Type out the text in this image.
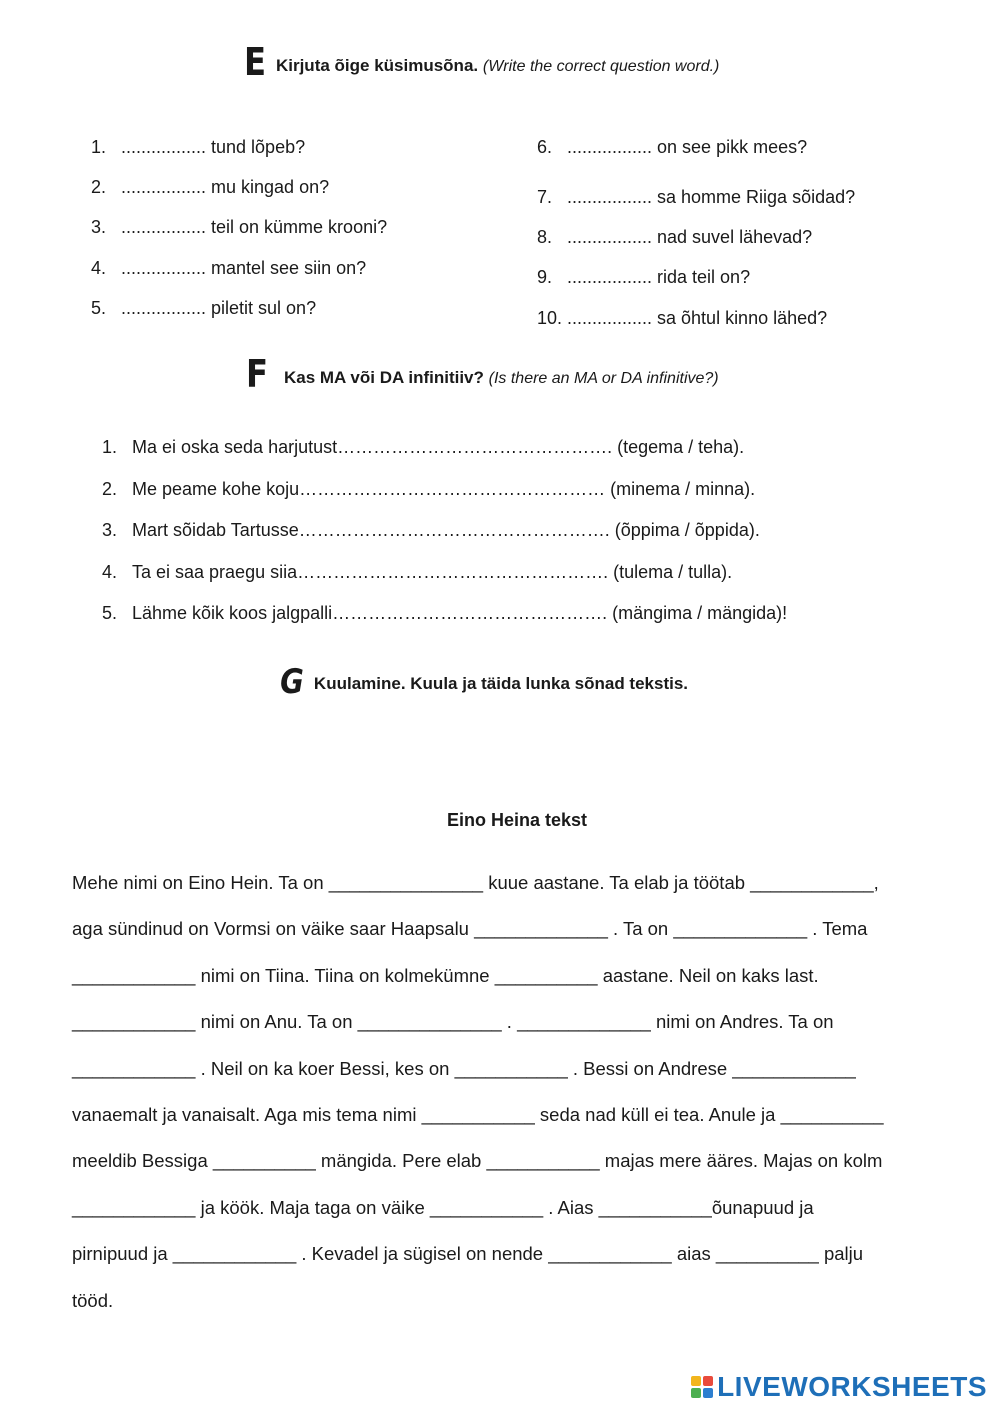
E Kirjuta õige küsimusõna. (Write the correct question word.)
1. ................. tund lõpeb?
2. ................. mu kingad on?
3. ................. teil on kümme krooni?
4. ................. mantel see siin on?
5. ................. piletit sul on?
6. ................. on see pikk mees?
7. ................. sa homme Riiga sõidad?
8. ................. nad suvel lähevad?
9. ................. rida teil on?
10. ................. sa õhtul kinno lähed?
F Kas MA või DA infinitiiv? (Is there an MA or DA infinitive?)
1. Ma ei oska seda harjutust………………………………………. (tegema / teha).
2. Me peame kohe koju…………………………………………… (minema / minna).
3. Mart sõidab Tartusse……………………………………………. (õppima / õppida).
4. Ta ei saa praegu siia……………………………………………. (tulema / tulla).
5. Lähme kõik koos jalgpalli………………………………………. (mängima / mängida)!
G Kuulamine. Kuula ja täida lunka sõnad tekstis.
Eino Heina tekst
Mehe nimi on Eino Hein. Ta on _______________ kuue aastane. Ta elab ja töötab ____________,
aga sündinud on Vormsi on väike saar Haapsalu _____________ . Ta on _____________ . Tema
____________ nimi on Tiina. Tiina on kolmekümne __________ aastane. Neil on kaks last.
____________ nimi on Anu. Ta on ______________ . _____________ nimi on Andres. Ta on
____________ . Neil on ka koer Bessi, kes on ___________ . Bessi on Andrese ____________
vanaemalt ja vanaisalt. Aga mis tema nimi ___________ seda nad küll ei tea. Anule ja __________
meeldib Bessiga __________ mängida. Pere elab ___________ majas mere ääres. Majas on kolm
____________ ja köök. Maja taga on väike ___________ . Aias ___________õunapuud ja
pirnipuud ja ____________ . Kevadel ja sügisel on nende ____________ aias __________ palju
tööd.
LIVEWORKSHEETS
